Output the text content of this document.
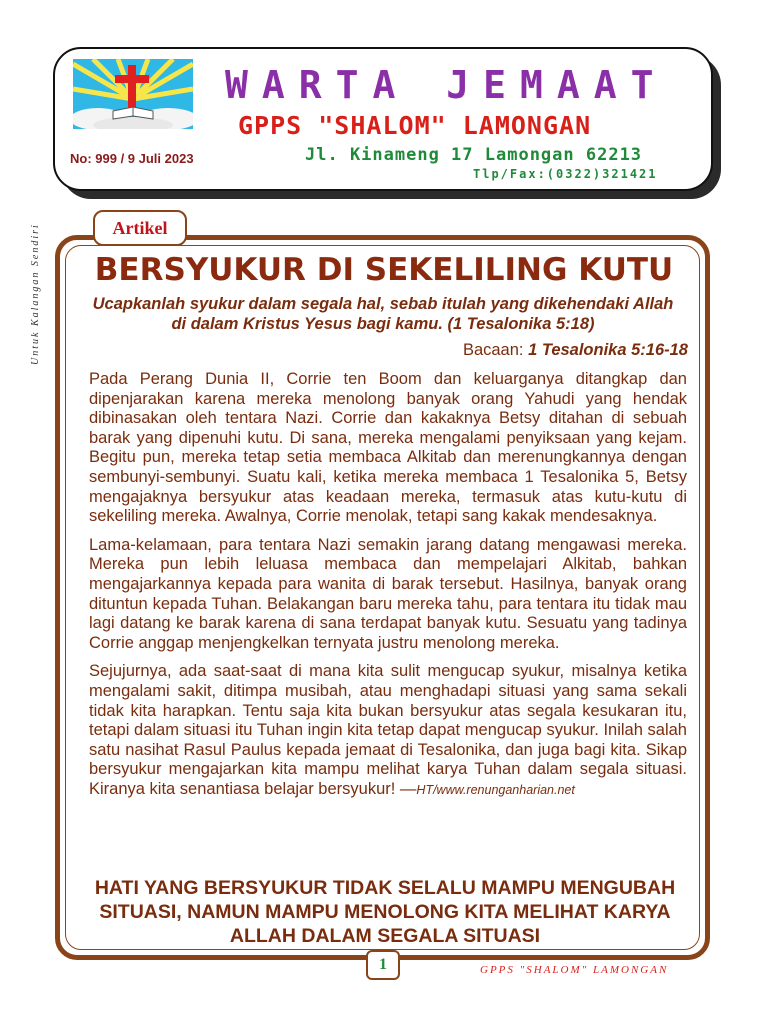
WARTA JEMAAT
GPPS "SHALOM" LAMONGAN
No: 999 / 9 Juli 2023	Jl. Kinameng 17 Lamongan 62213
Tlp/Fax:(0322)321421
Untuk Kalangan Sendiri	Artikel
BERSYUKUR DI SEKELILING KUTU
Ucapkanlah syukur dalam segala hal, sebab itulah yang dikehendaki Allah di dalam Kristus Yesus bagi kamu. (1 Tesalonika 5:18)
Bacaan: 1 Tesalonika 5:16-18

Pada Perang Dunia II, Corrie ten Boom dan keluarganya ditangkap dan dipenjarakan karena mereka menolong banyak orang Yahudi yang hendak dibinasakan oleh tentara Nazi. Corrie dan kakaknya Betsy ditahan di sebuah barak yang dipenuhi kutu. Di sana, mereka mengalami penyiksaan yang kejam. Begitu pun, mereka tetap setia membaca Alkitab dan merenungkannya dengan sembunyi-sembunyi. Suatu kali, ketika mereka membaca 1 Tesalonika 5, Betsy mengajaknya bersyukur atas keadaan mereka, termasuk atas kutu-kutu di sekeliling mereka. Awalnya, Corrie menolak, tetapi sang kakak mendesaknya.

Lama-kelamaan, para tentara Nazi semakin jarang datang mengawasi mereka. Mereka pun lebih leluasa membaca dan mempelajari Alkitab, bahkan mengajarkannya kepada para wanita di barak tersebut. Hasilnya, banyak orang dituntun kepada Tuhan. Belakangan baru mereka tahu, para tentara itu tidak mau lagi datang ke barak karena di sana terdapat banyak kutu. Sesuatu yang tadinya Corrie anggap menjengkelkan ternyata justru menolong mereka.

Sejujurnya, ada saat-saat di mana kita sulit mengucap syukur, misalnya ketika mengalami sakit, ditimpa musibah, atau menghadapi situasi yang sama sekali tidak kita harapkan. Tentu saja kita bukan bersyukur atas segala kesukaran itu, tetapi dalam situasi itu Tuhan ingin kita tetap dapat mengucap syukur. Inilah salah satu nasihat Rasul Paulus kepada jemaat di Tesalonika, dan juga bagi kita. Sikap bersyukur mengajarkan kita mampu melihat karya Tuhan dalam segala situasi. Kiranya kita senantiasa belajar bersyukur! —HT/www.renunganharian.net

HATI YANG BERSYUKUR TIDAK SELALU MAMPU MENGUBAH SITUASI, NAMUN MAMPU MENOLONG KITA MELIHAT KARYA ALLAH DALAM SEGALA SITUASI
1	GPPS "SHALOM" LAMONGAN
